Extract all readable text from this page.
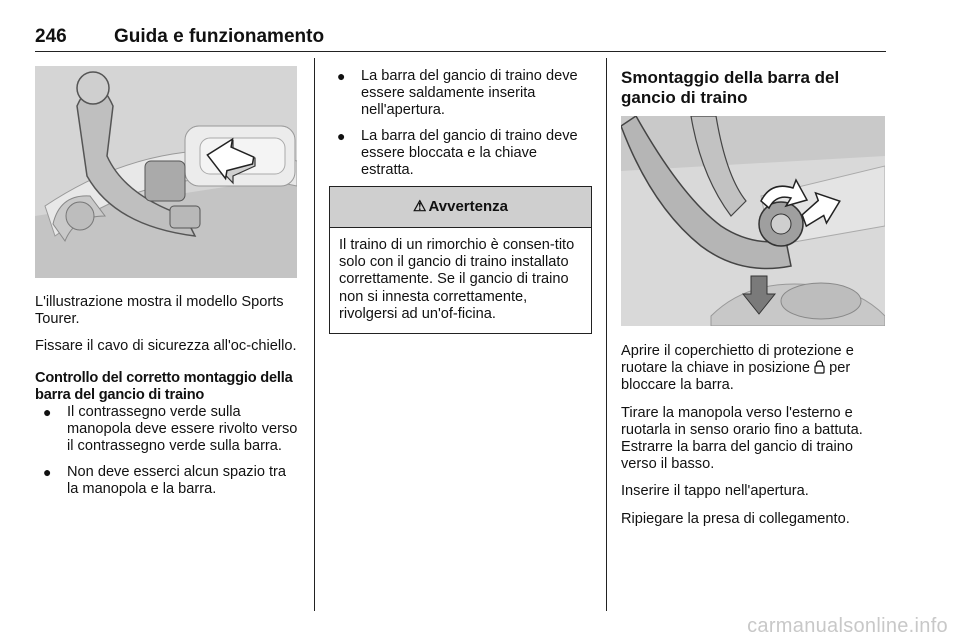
246 Guida e funzionamento

L'illustrazione mostra il modello Sports Tourer.

Fissare il cavo di sicurezza all'oc-chiello.

Controllo del corretto montaggio della barra del gancio di traino
● Il contrassegno verde sulla manopola deve essere rivolto verso il contrassegno verde sulla barra.
● Non deve esserci alcun spazio tra la manopola e la barra.
● La barra del gancio di traino deve essere saldamente inserita nell'apertura.
● La barra del gancio di traino deve essere bloccata e la chiave estratta.
⚠ Avvertenza
Il traino di un rimorchio è consen-tito solo con il gancio di traino installato correttamente. Se il gancio di traino non si innesta correttamente, rivolgersi ad un'of-ficina.
Smontaggio della barra del gancio di traino

Aprire il coperchietto di protezione e ruotare la chiave in posizione per bloccare la barra.

Tirare la manopola verso l'esterno e ruotarla in senso orario fino a battuta. Estrarre la barra del gancio di traino verso il basso.

Inserire il tappo nell'apertura.

Ripiegare la presa di collegamento.

carmanualsonline.info
